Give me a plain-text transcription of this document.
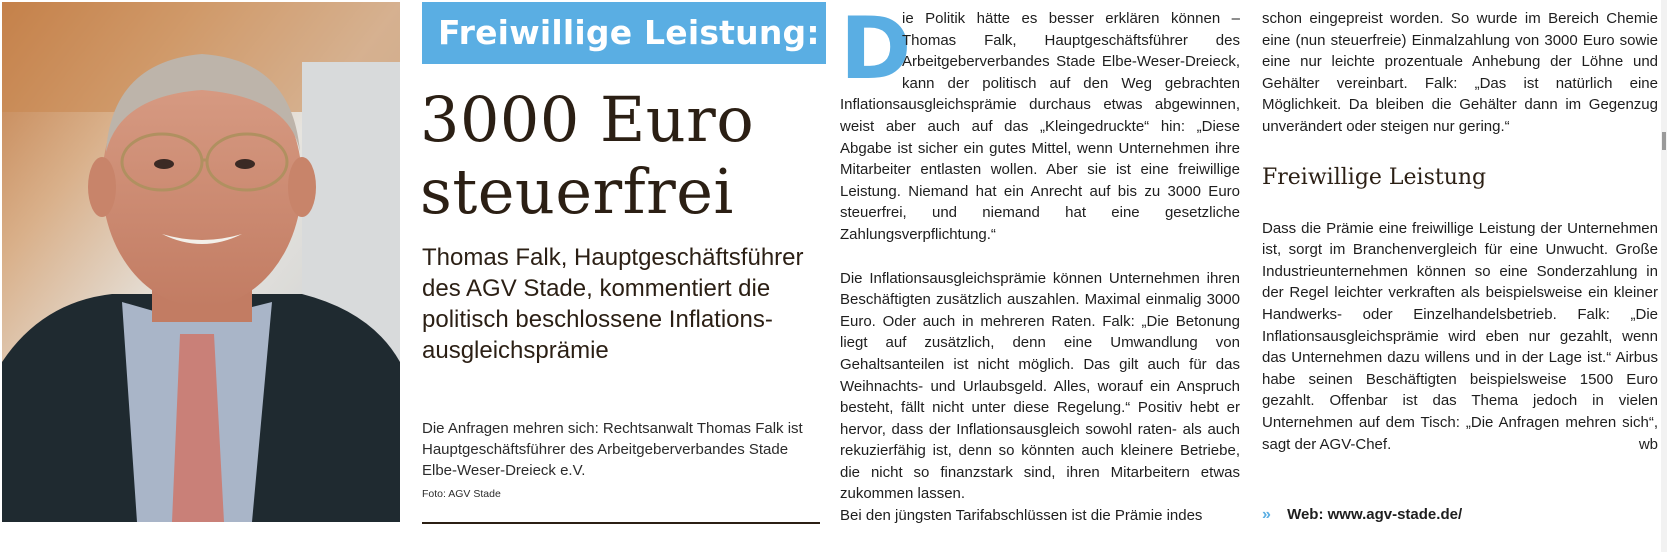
Freiwillige Leistung:
3000 Euro
steuerfrei
Thomas Falk, Hauptgeschäftsführer des AGV Stade, kommentiert die politisch beschlossene Inflations-ausgleichsprämie
Die Anfragen mehren sich: Rechtsanwalt Thomas Falk ist Hauptgeschäftsführer des Arbeitgeberverbandes Stade Elbe-Weser-Dreieck e.V.
Foto: AGV Stade
D

ie Politik hätte es besser erklären können – Thomas Falk, Hauptgeschäftsführer des Arbeitgeberverbandes Stade Elbe-Weser-Dreieck, kann der politisch auf den Weg gebrachten Inflationsausgleichsprämie durchaus etwas abgewinnen, weist aber auch auf das „Kleingedruckte“ hin: „Diese Abgabe ist sicher ein gutes Mittel, wenn Unternehmen ihre Mitarbeiter entlasten wollen. Aber sie ist eine freiwillige Leistung. Niemand hat ein Anrecht auf bis zu 3000 Euro steuerfrei, und niemand hat eine gesetzliche Zahlungsverpflichtung.“

Die Inflationsausgleichsprämie können Unternehmen ihren Beschäftigten zusätzlich auszahlen. Maximal einmalig 3000 Euro. Oder auch in mehreren Raten. Falk: „Die Betonung liegt auf zusätzlich, denn eine Umwandlung von Gehaltsanteilen ist nicht möglich. Das gilt auch für das Weihnachts- und Urlaubsgeld. Alles, worauf ein Anspruch besteht, fällt nicht unter diese Regelung.“ Positiv hebt er hervor, dass der Inflationsausgleich sowohl raten- als auch rekuzierfähig ist, denn so könnten auch kleinere Betriebe, die nicht so finanzstark sind, ihren Mitarbeitern etwas zukommen lassen.

Bei den jüngsten Tarifabschlüssen ist die Prämie indes

schon eingepreist worden. So wurde im Bereich Chemie eine (nun steuerfreie) Einmalzahlung von 3000 Euro sowie eine nur leichte prozentuale Anhebung der Löhne und Gehälter vereinbart. Falk: „Das ist natürlich eine Möglichkeit. Da bleiben die Gehälter dann im Gegenzug unverändert oder steigen nur gering.“

Freiwillige Leistung

Dass die Prämie eine freiwillige Leistung der Unternehmen ist, sorgt im Branchenvergleich für eine Unwucht. Große Industrieunternehmen können so eine Sonderzahlung in der Regel leichter verkraften als beispielsweise ein kleiner Handwerks- oder Einzelhandelsbetrieb. Falk: „Die Inflationsausgleichsprämie wird eben nur gezahlt, wenn das Unternehmen dazu willens und in der Lage ist.“ Airbus habe seinen Beschäftigten beispielsweise 1500 Euro gezahlt. Offenbar ist das Thema jedoch in vielen Unternehmen auf dem Tisch: „Die Anfragen mehren sich“, sagt der AGV-Chef.	wb

» Web: www.agv-stade.de/
